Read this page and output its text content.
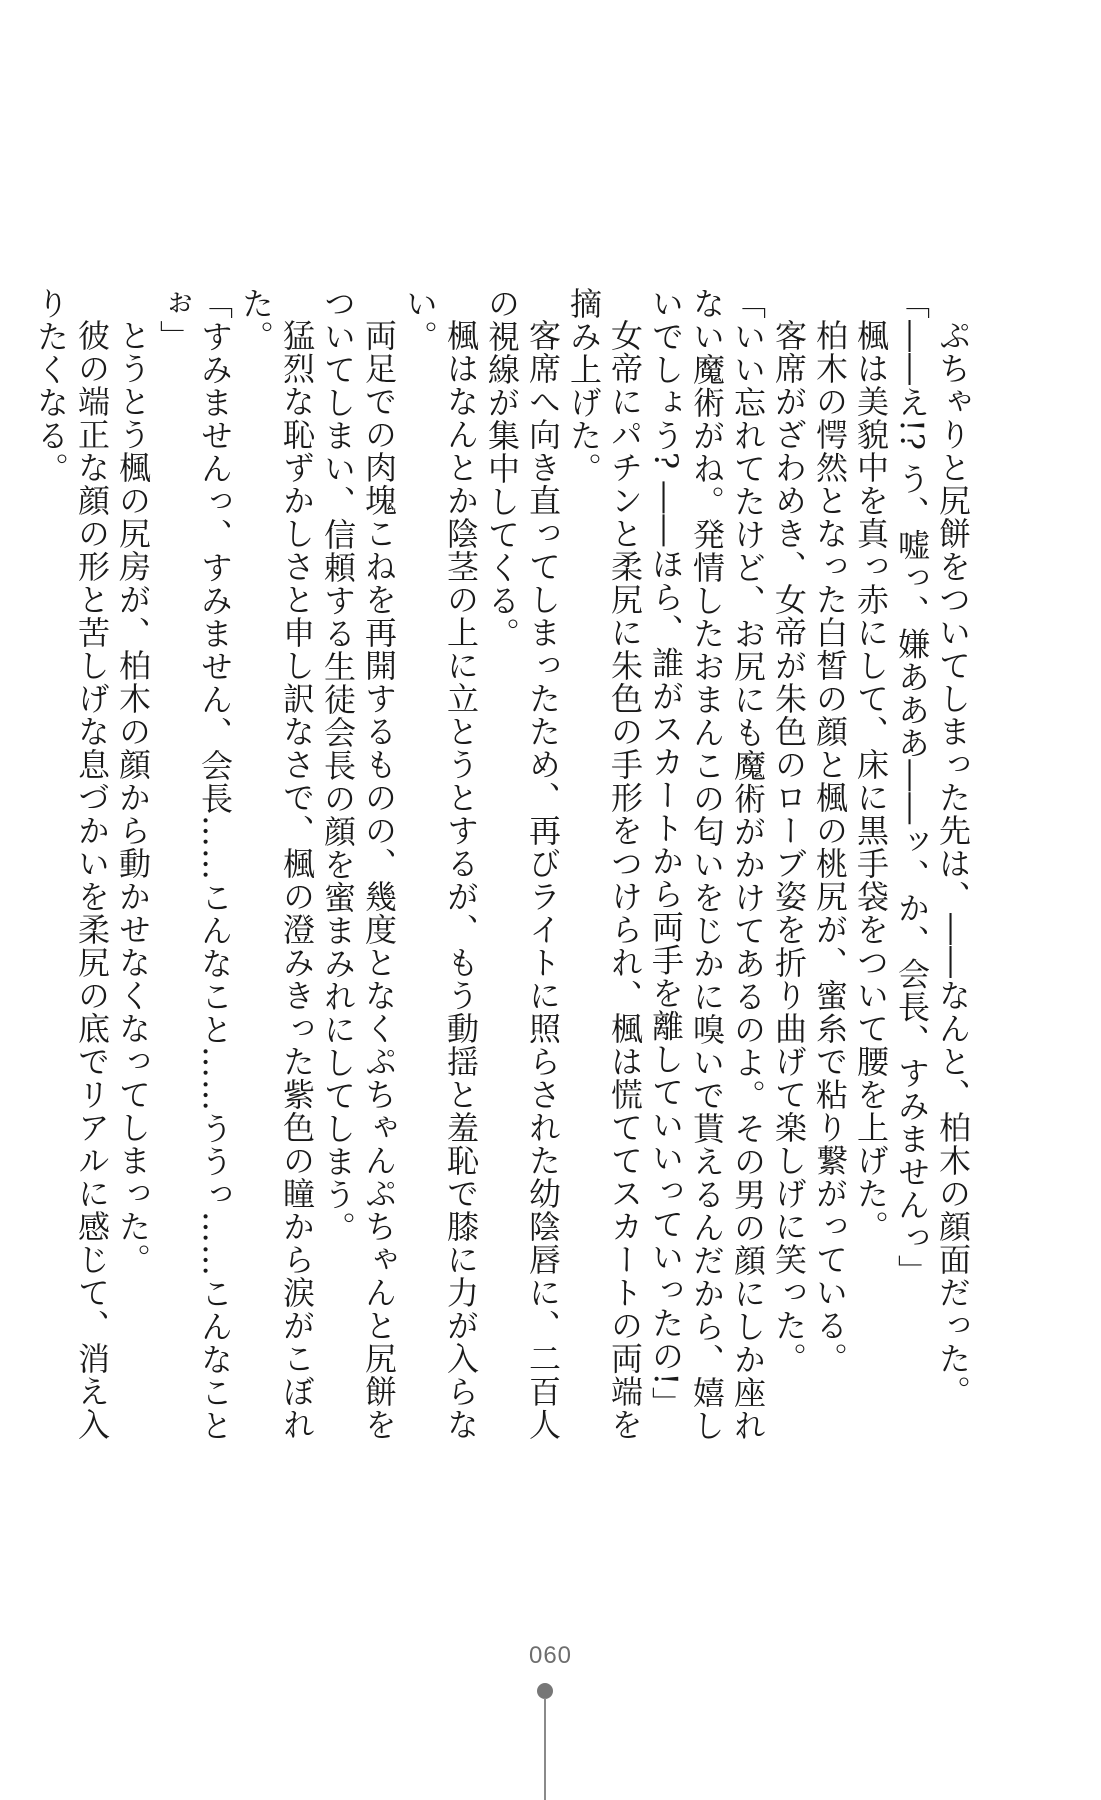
ぷちゃりと尻餅をついてしまった先は、――なんと、柏木の顔面だった。

「――え!? う、嘘っ、嫌あああ――ッ、か、会長、すみませんっ」

楓は美貌中を真っ赤にして、床に黒手袋をついて腰を上げた。

柏木の愕然となった白皙の顔と楓の桃尻が、蜜糸で粘り繋がっている。

客席がざわめき、女帝が朱色のローブ姿を折り曲げて楽しげに笑った。

「いい忘れてたけど、お尻にも魔術がかけてあるのよ。その男の顔にしか座れない魔術がね。発情したおまんこの匂いをじかに嗅いで貰えるんだから、嬉しいでしょう? ――ほら、誰がスカートから両手を離していいっていったの!」

女帝にパチンと柔尻に朱色の手形をつけられ、楓は慌ててスカートの両端を摘み上げた。

客席へ向き直ってしまったため、再びライトに照らされた幼陰唇に、二百人の視線が集中してくる。

楓はなんとか陰茎の上に立とうとするが、もう動揺と羞恥で膝に力が入らない。

両足での肉塊こねを再開するものの、幾度となくぷちゃんぷちゃんと尻餅をついてしまい、信頼する生徒会長の顔を蜜まみれにしてしまう。

猛烈な恥ずかしさと申し訳なさで、楓の澄みきった紫色の瞳から涙がこぼれた。

「すみませんっ、すみません、会長……こんなこと……ううっ……こんなことぉ」

とうとう楓の尻房が、柏木の顔から動かせなくなってしまった。

彼の端正な顔の形と苦しげな息づかいを柔尻の底でリアルに感じて、消え入りたくなる。

060
